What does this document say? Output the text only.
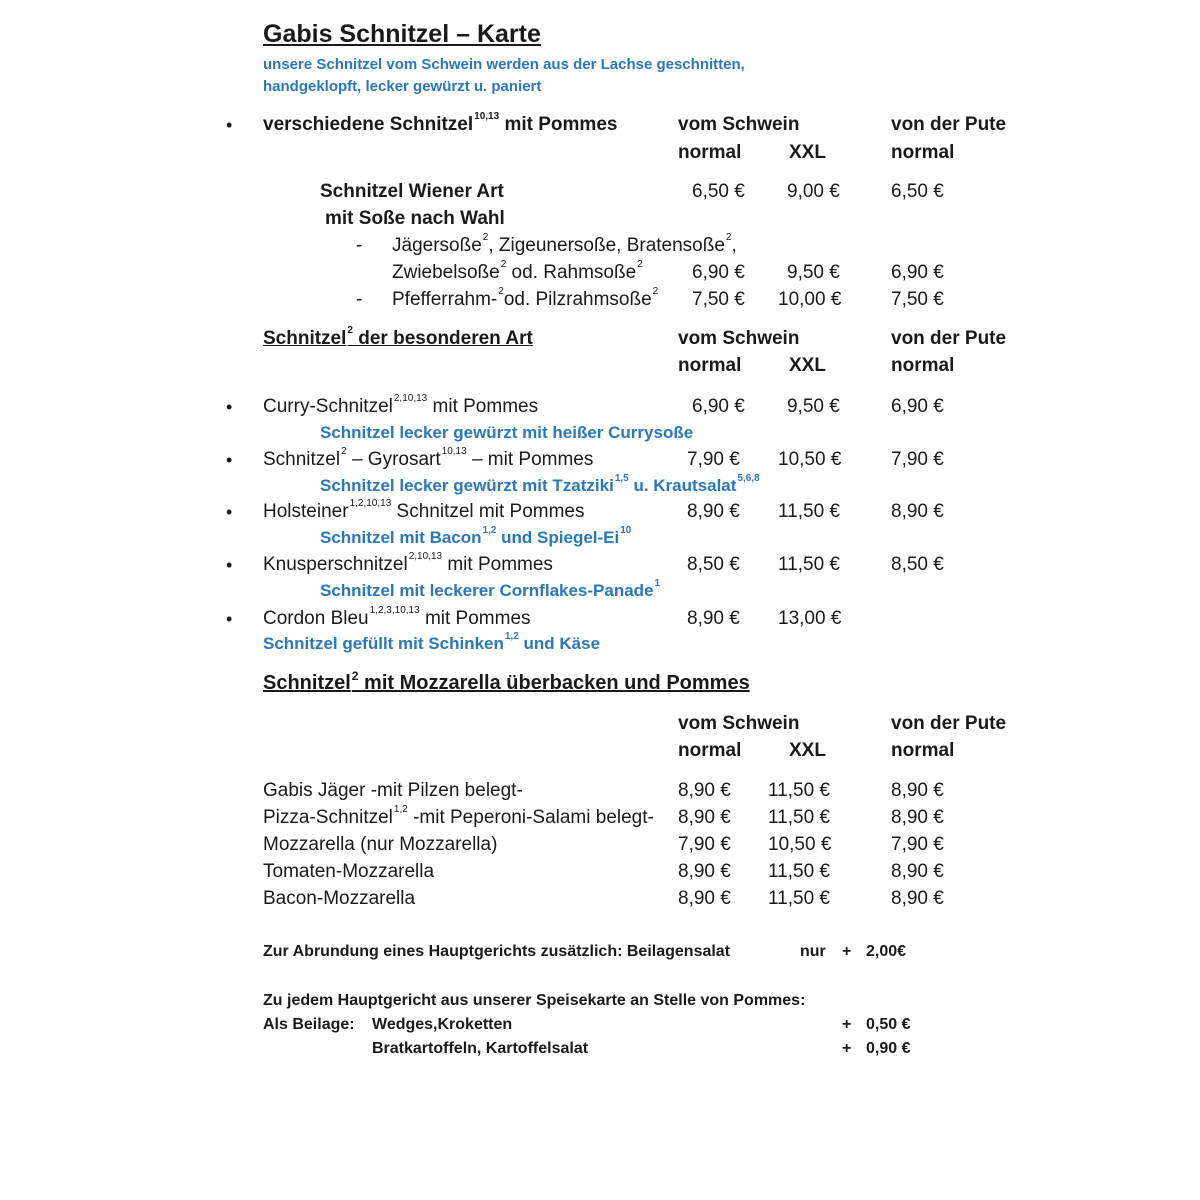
Gabis Schnitzel – Karte
unsere Schnitzel vom Schwein werden aus der Lachse geschnitten,
handgeklopft, lecker gewürzt u. paniert
• verschiedene Schnitzel$^{10,13}$ mit Pommes	vom Schwein	von der Pute
normal	XXL	normal
Schnitzel Wiener Art	6,50 € 9,00 €	6,50 €
mit Soße nach Wahl
- Jägersoße$^2$, Zigeunersoße, Bratensoße$^2$,
Zwiebelsoße$^2$ od. Rahmsoße$^2$	6,90 € 9,50 €	6,90 €
- Pfefferrahm-$^2$od. Pilzrahmsoße$^2$ 7,50 € 10,00 €	7,50 €
Schnitzel$^2$ der besonderen Art	vom Schwein	von der Pute
normal	XXL	normal
• Curry-Schnitzel$^{2,10,13}$ mit Pommes	6,90 € 9,50 €	6,90 €
Schnitzel lecker gewürzt mit heißer Currysoße
• Schnitzel$^2$ – Gyrosart$^{10,13}$ – mit Pommes	7,90 € 10,50 €	7,90 €
Schnitzel lecker gewürzt mit Tzatziki$^{1,5}$ u. Krautsalat$^{5,6,8}$
• Holsteiner$^{1,2,10,13}$ Schnitzel mit Pommes	8,90 € 11,50 €	8,90 €
Schnitzel mit Bacon$^{1,2}$ und Spiegel-Ei$^{10}$
• Knusperschnitzel$^{2,10,13}$ mit Pommes	8,50 € 11,50 €	8,50 €
Schnitzel mit leckerer Cornflakes-Panade$^1$
• Cordon Bleu$^{1,2,3,10,13}$ mit Pommes	8,90 € 13,00 €
Schnitzel gefüllt mit Schinken$^{1,2}$ und Käse
Schnitzel$^2$ mit Mozzarella überbacken und Pommes
vom Schwein	von der Pute
normal	XXL	normal
Gabis Jäger -mit Pilzen belegt-	8,90 € 11,50 €	8,90 €
Pizza-Schnitzel$^{1,2}$ -mit Peperoni-Salami belegt- 8,90 € 11,50 €	8,90 €
Mozzarella (nur Mozzarella)	7,90 € 10,50 €	7,90 €
Tomaten-Mozzarella	8,90 € 11,50 €	8,90 €
Bacon-Mozzarella	8,90 € 11,50 €	8,90 €
Zur Abrundung eines Hauptgerichts zusätzlich: Beilagensalat	nur + 2,00€
Zu jedem Hauptgericht aus unserer Speisekarte an Stelle von Pommes:
Als Beilage: Wedges,Kroketten	+ 0,50 €
Bratkartoffeln, Kartoffelsalat	+ 0,90 €
